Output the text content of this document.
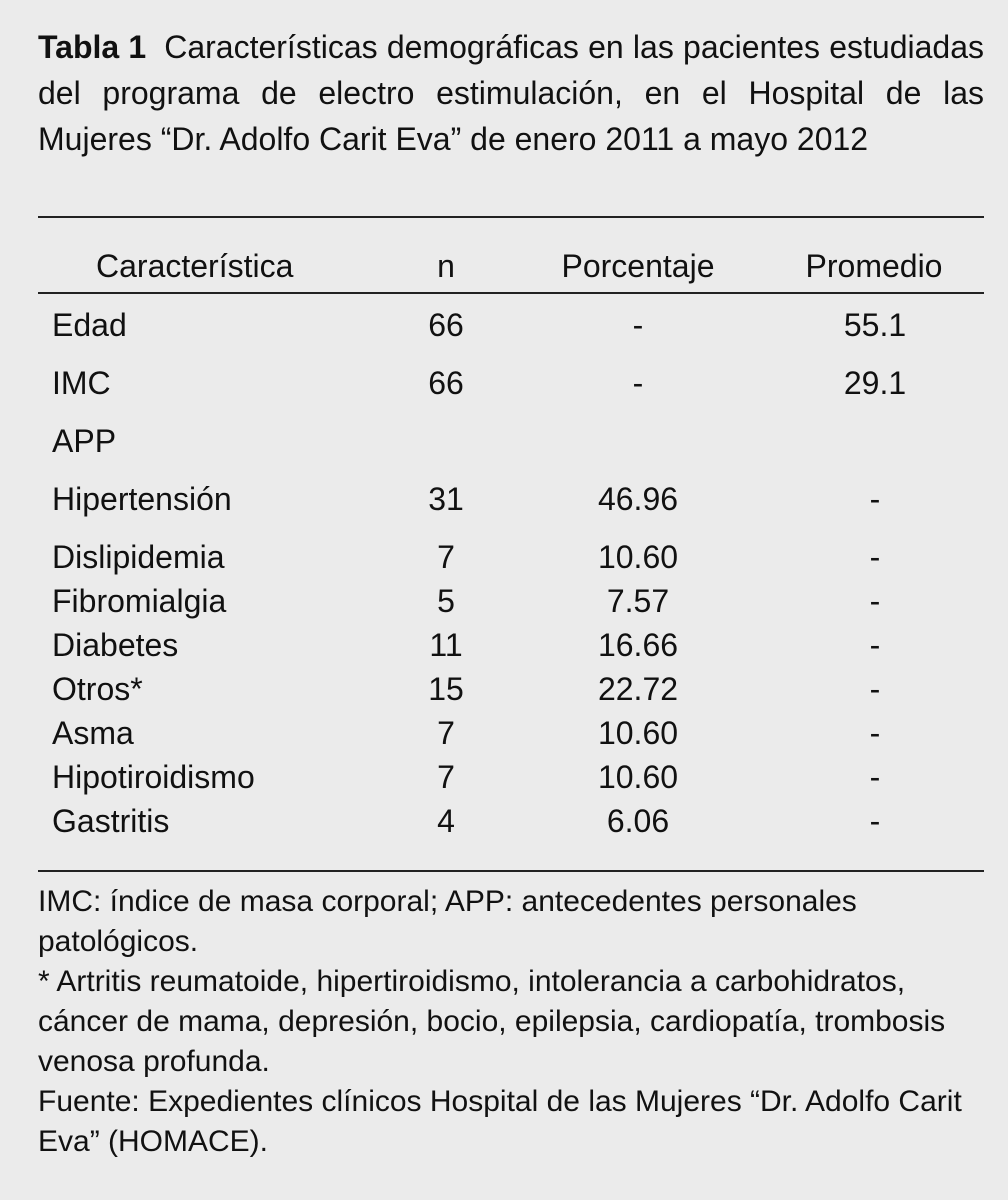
Tabla 1 Características demográficas en las pacientes estudiadas del programa de electro estimulación, en el Hospital de las Mujeres “Dr. Adolfo Carit Eva” de enero 2011 a mayo 2012
Característica	n	Porcentaje	Promedio
Edad	66	-	55.1
IMC	66	-	29.1
APP
Hipertensión	31	46.96	-
Dislipidemia	7	10.60	-
Fibromialgia	5	7.57	-
Diabetes	11	16.66	-
Otros*	15	22.72	-
Asma	7	10.60	-
Hipotiroidismo	7	10.60	-
Gastritis	4	6.06	-

IMC: índice de masa corporal; APP: antecedentes personales patológicos.

* Artritis reumatoide, hipertiroidismo, intolerancia a carbohidratos, cáncer de mama, depresión, bocio, epilepsia, cardiopatía, trombosis venosa profunda.

Fuente: Expedientes clínicos Hospital de las Mujeres “Dr. Adolfo Carit Eva” (HOMACE).
